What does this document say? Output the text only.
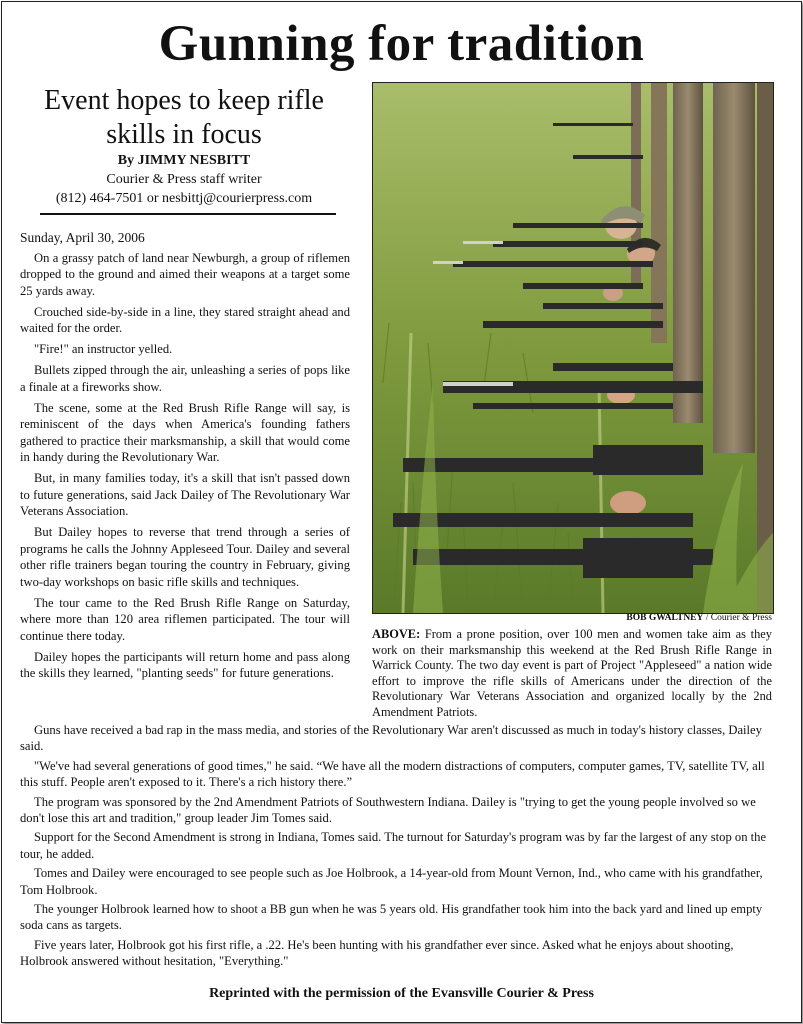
Gunning for tradition
Event hopes to keep rifle skills in focus
By JIMMY NESBITT
Courier & Press staff writer
(812) 464-7501 or nesbittj@courierpress.com

Sunday, April 30, 2006

On a grassy patch of land near Newburgh, a group of riflemen dropped to the ground and aimed their weapons at a target some 25 yards away.

Crouched side-by-side in a line, they stared straight ahead and waited for the order.

"Fire!" an instructor yelled.

Bullets zipped through the air, unleashing a series of pops like a finale at a fireworks show.

The scene, some at the Red Brush Rifle Range will say, is reminiscent of the days when America's founding fathers gathered to practice their marksmanship, a skill that would come in handy during the Revolutionary War.

But, in many families today, it's a skill that isn't passed down to future generations, said Jack Dailey of The Revolutionary War Veterans Association.

But Dailey hopes to reverse that trend through a series of programs he calls the Johnny Appleseed Tour. Dailey and several other rifle trainers began touring the country in February, giving two-day workshops on basic rifle skills and techniques.

The tour came to the Red Brush Rifle Range on Saturday, where more than 120 area riflemen participated. The tour will continue there today.

Dailey hopes the participants will return home and pass along the skills they learned, "planting seeds" for future generations.

BOB GWALTNEY / Courier & Press
ABOVE: From a prone position, over 100 men and women take aim as they work on their marksmanship this weekend at the Red Brush Rifle Range in Warrick County. The two day event is part of Project "Appleseed" a nation wide effort to improve the rifle skills of Americans under the direction of the Revolutionary War Veterans Association and organized locally by the 2nd Amendment Patriots.

Guns have received a bad rap in the mass media, and stories of the Revolutionary War aren't discussed as much in today's history classes, Dailey said.

"We've had several generations of good times," he said. “We have all the modern distractions of computers, computer games, TV, satellite TV, all this stuff. People aren't exposed to it. There's a rich history there.”

The program was sponsored by the 2nd Amendment Patriots of Southwestern Indiana. Dailey is "trying to get the young people involved so we don't lose this art and tradition," group leader Jim Tomes said.

Support for the Second Amendment is strong in Indiana, Tomes said. The turnout for Saturday's program was by far the largest of any stop on the tour, he added.

Tomes and Dailey were encouraged to see people such as Joe Holbrook, a 14-year-old from Mount Vernon, Ind., who came with his grandfather, Tom Holbrook.

The younger Holbrook learned how to shoot a BB gun when he was 5 years old. His grandfather took him into the back yard and lined up empty soda cans as targets.

Five years later, Holbrook got his first rifle, a .22. He's been hunting with his grandfather ever since. Asked what he enjoys about shooting, Holbrook answered without hesitation, "Everything."

Reprinted with the permission of the Evansville Courier & Press
